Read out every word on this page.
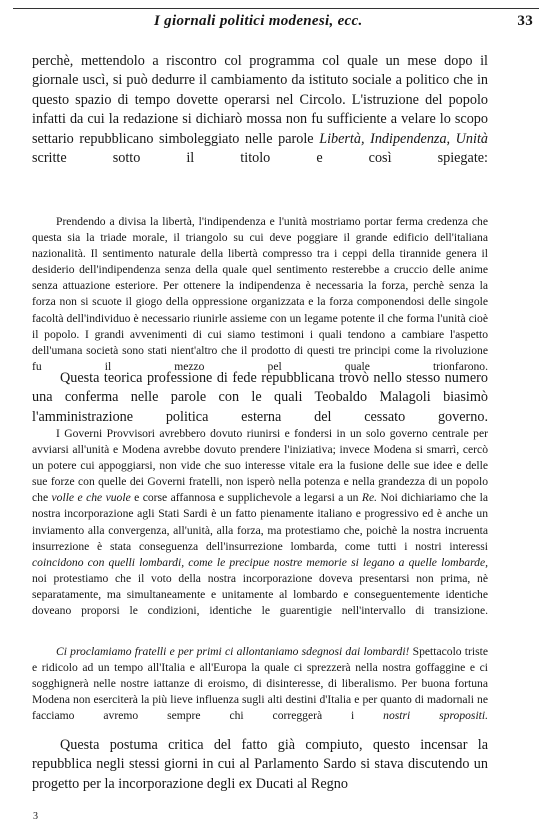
I giornali politici modenesi, ecc.	33

perchè, mettendolo a riscontro col programma col quale un mese dopo il giornale uscì, si può dedurre il cambiamento da istituto sociale a politico che in questo spazio di tempo dovette operarsi nel Circolo. L'istruzione del popolo infatti da cui la redazione si dichiarò mossa non fu sufficiente a velare lo scopo settario repubblicano simboleggiato nelle parole Libertà, Indipendenza, Unità scritte sotto il titolo e così spiegate:

Prendendo a divisa la libertà, l'indipendenza e l'unità mostriamo portar ferma credenza che questa sia la triade morale, il triangolo su cui deve poggiare il grande edificio dell'italiana nazionalità. Il sentimento naturale della libertà compresso tra i ceppi della tirannide genera il desiderio dell'indipendenza senza della quale quel sentimento resterebbe a cruccio delle anime senza attuazione esteriore. Per ottenere la indipendenza è necessaria la forza, perchè senza la forza non si scuote il giogo della oppressione organizzata e la forza componendosi delle singole facoltà dell'individuo è necessario riunirle assieme con un legame potente il che forma l'unità cioè il popolo. I grandi avvenimenti di cui siamo testimoni i quali tendono a cambiare l'aspetto dell'umana società sono stati nient'altro che il prodotto di questi tre principi come la rivoluzione fu il mezzo pel quale trionfarono.

Questa teorica professione di fede repubblicana trovò nello stesso numero una conferma nelle parole con le quali Teobaldo Malagoli biasimò l'amministrazione politica esterna del cessato governo.

I Governi Provvisori avrebbero dovuto riunirsi e fondersi in un solo governo centrale per avviarsi all'unità e Modena avrebbe dovuto prendere l'iniziativa; invece Modena si smarrì, cercò un potere cui appoggiarsi, non vide che suo interesse vitale era la fusione delle sue idee e delle sue forze con quelle dei Governi fratelli, non isperò nella potenza e nella grandezza di un popolo che volle e che vuole e corse affannosa e supplichevole a legarsi a un Re. Noi dichiariamo che la nostra incorporazione agli Stati Sardi è un fatto pienamente italiano e progressivo ed è anche un inviamento alla convergenza, all'unità, alla forza, ma protestiamo che, poichè la nostra incruenta insurrezione è stata conseguenza dell'insurrezione lombarda, come tutti i nostri interessi coincidono con quelli lombardi, come le precipue nostre memorie si legano a quelle lombarde, noi protestiamo che il voto della nostra incorporazione doveva presentarsi non prima, nè separatamente, ma simultaneamente e unitamente al lombardo e conseguentemente identiche doveano proporsi le condizioni, identiche le guarentigie nell'intervallo di transizione.

Ci proclamiamo fratelli e per primi ci allontaniamo sdegnosi dai lombardi! Spettacolo triste e ridicolo ad un tempo all'Italia e all'Europa la quale ci sprezzerà nella nostra goffaggine e ci sogghignerà nelle nostre iattanze di eroismo, di disinteresse, di liberalismo. Per buona fortuna Modena non eserciterà la più lieve influenza sugli alti destini d'Italia e per quanto di madornali ne facciamo avremo sempre chi correggerà i nostri spropositi.

Questa postuma critica del fatto già compiuto, questo incensar la repubblica negli stessi giorni in cui al Parlamento Sardo si stava discutendo un progetto per la incorporazione degli ex Ducati al Regno

3
